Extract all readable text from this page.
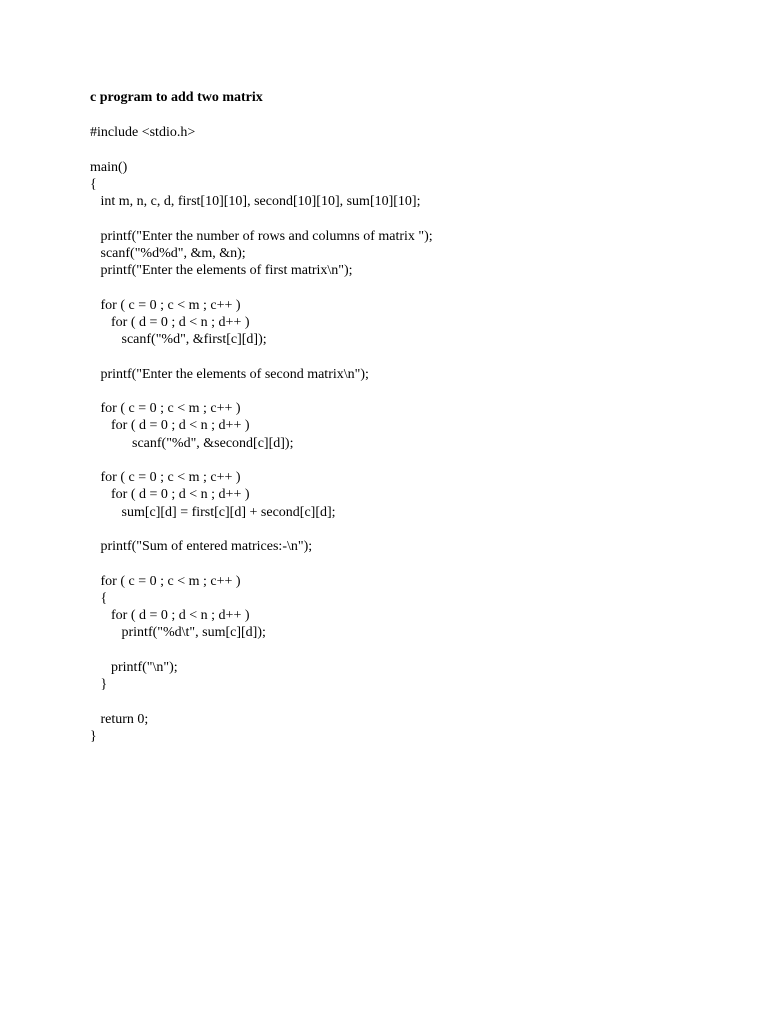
c program to add two matrix
#include <stdio.h>
main()
{
int m, n, c, d, first[10][10], second[10][10], sum[10][10];
printf("Enter the number of rows and columns of matrix ");
scanf("%d%d", &m, &n);
printf("Enter the elements of first matrix\n");
for ( c = 0 ; c < m ; c++ )
for ( d = 0 ; d < n ; d++ )
scanf("%d", &first[c][d]);
printf("Enter the elements of second matrix\n");
for ( c = 0 ; c < m ; c++ )
for ( d = 0 ; d < n ; d++ )
scanf("%d", &second[c][d]);
for ( c = 0 ; c < m ; c++ )
for ( d = 0 ; d < n ; d++ )
sum[c][d] = first[c][d] + second[c][d];
printf("Sum of entered matrices:-\n");
for ( c = 0 ; c < m ; c++ )
{
for ( d = 0 ; d < n ; d++ )
printf("%d\t", sum[c][d]);
printf("\n");
}
return 0;
}
